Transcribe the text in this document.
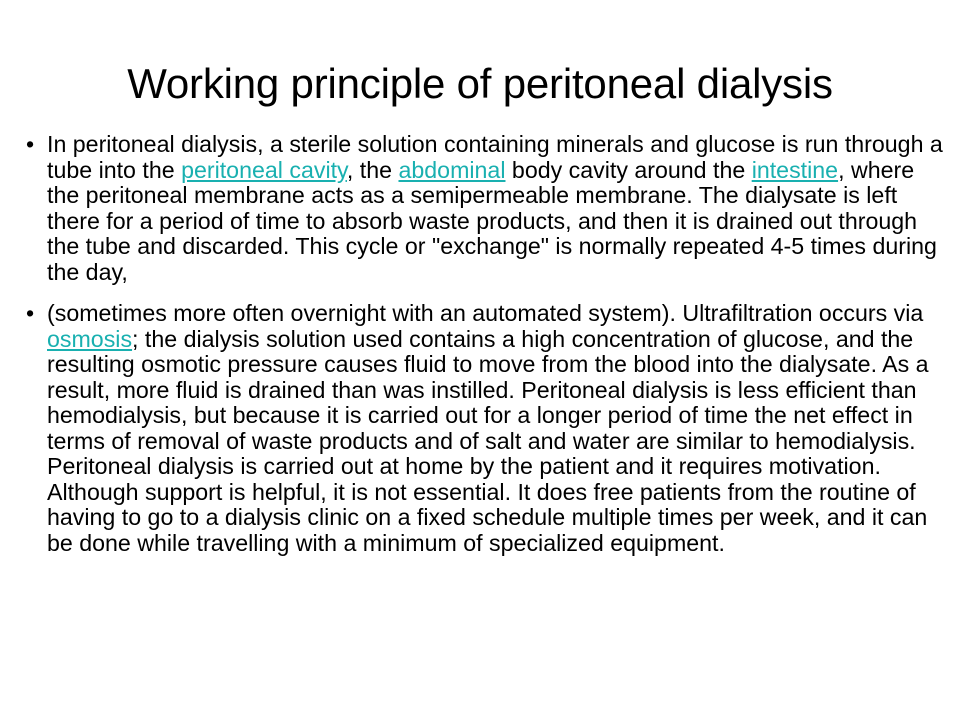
Working principle of peritoneal dialysis
• In peritoneal dialysis, a sterile solution containing minerals and glucose is run through a tube into the peritoneal cavity, the abdominal body cavity around the intestine, where the peritoneal membrane acts as a semipermeable membrane. The dialysate is left there for a period of time to absorb waste products, and then it is drained out through the tube and discarded. This cycle or "exchange" is normally repeated 4-5 times during the day,
• (sometimes more often overnight with an automated system). Ultrafiltration occurs via osmosis; the dialysis solution used contains a high concentration of glucose, and the resulting osmotic pressure causes fluid to move from the blood into the dialysate. As a result, more fluid is drained than was instilled. Peritoneal dialysis is less efficient than hemodialysis, but because it is carried out for a longer period of time the net effect in terms of removal of waste products and of salt and water are similar to hemodialysis. Peritoneal dialysis is carried out at home by the patient and it requires motivation. Although support is helpful, it is not essential. It does free patients from the routine of having to go to a dialysis clinic on a fixed schedule multiple times per week, and it can be done while travelling with a minimum of specialized equipment.
